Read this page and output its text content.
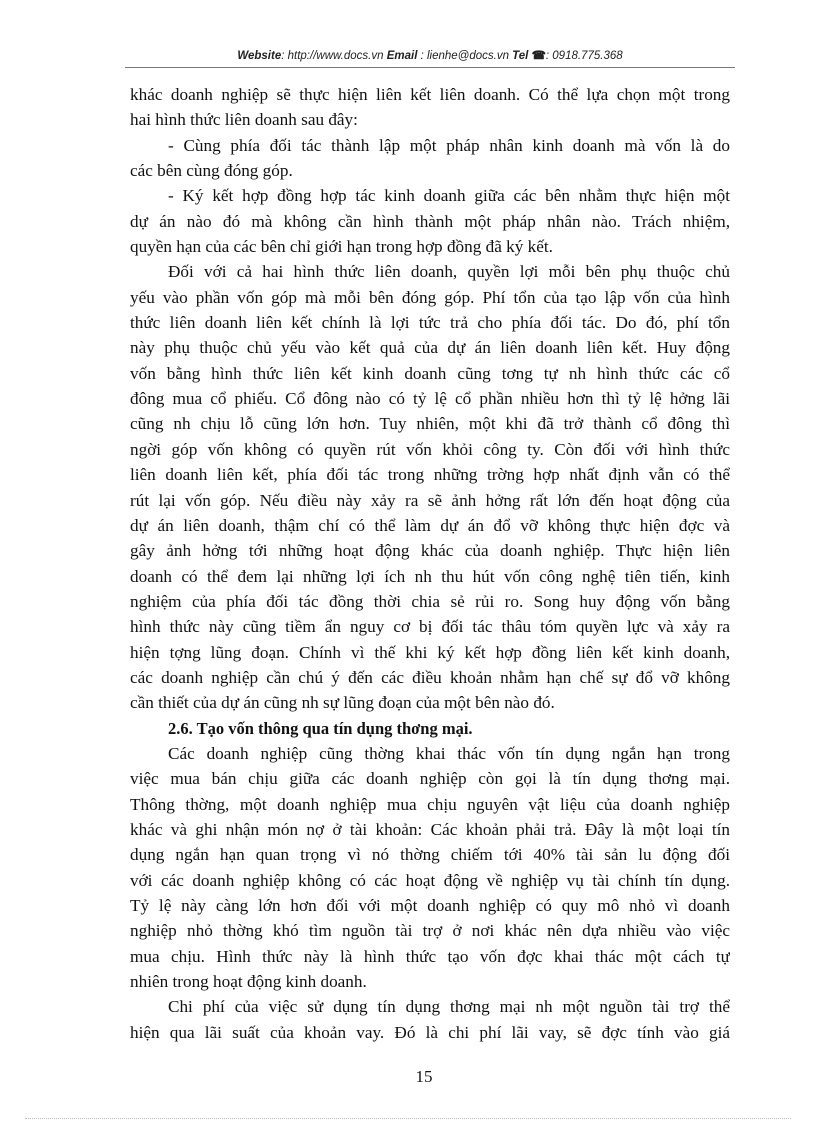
Website: http://www.docs.vn Email : lienhe@docs.vn Tel ☎: 0918.775.368
khác doanh nghiệp sẽ thực hiện liên kết liên doanh. Có thể lựa chọn một trong
hai hình thức liên doanh sau đây:
- Cùng phía đối tác thành lập một pháp nhân kinh doanh mà vốn là do
các bên cùng đóng góp.
- Ký kết hợp đồng hợp tác kinh doanh giữa các bên nhằm thực hiện một
dự án nào đó mà không cần hình thành một pháp nhân nào. Trách nhiệm,
quyền hạn của các bên chỉ giới hạn trong hợp đồng đã ký kết.
Đối với cả hai hình thức liên doanh, quyền lợi mỗi bên phụ thuộc chủ
yếu vào phần vốn góp mà mỗi bên đóng góp. Phí tổn của tạo lập vốn của hình
thức liên doanh liên kết chính là lợi tức trả cho phía đối tác. Do đó, phí tổn
này phụ thuộc chủ yếu vào kết quả của dự án liên doanh liên kết. Huy động
vốn bằng hình thức liên kết kinh doanh cũng tơng tự nh hình thức các cổ
đông mua cổ phiếu. Cổ đông nào có tỷ lệ cổ phần nhiều hơn thì tỷ lệ hởng lãi
cũng nh chịu lỗ cũng lớn hơn. Tuy nhiên, một khi đã trở thành cổ đông thì
ngời góp vốn không có quyền rút vốn khỏi công ty. Còn đối với hình thức
liên doanh liên kết, phía đối tác trong những trờng hợp nhất định vẫn có thể
rút lại vốn góp. Nếu điều này xảy ra sẽ ảnh hởng rất lớn đến hoạt động của
dự án liên doanh, thậm chí có thể làm dự án đổ vỡ không thực hiện đợc và
gây ảnh hởng tới những hoạt động khác của doanh nghiệp. Thực hiện liên
doanh có thể đem lại những lợi ích nh thu hút vốn công nghệ tiên tiến, kinh
nghiệm của phía đối tác đồng thời chia sẻ rủi ro. Song huy động vốn bằng
hình thức này cũng tiềm ẩn nguy cơ bị đối tác thâu tóm quyền lực và xảy ra
hiện tợng lũng đoạn. Chính vì thế khi ký kết hợp đồng liên kết kinh doanh,
các doanh nghiệp cần chú ý đến các điều khoản nhằm hạn chế sự đổ vỡ không
cần thiết của dự án cũng nh sự lũng đoạn của một bên nào đó.
2.6. Tạo vốn thông qua tín dụng thơng mại.
Các doanh nghiệp cũng thờng khai thác vốn tín dụng ngắn hạn trong
việc mua bán chịu giữa các doanh nghiệp còn gọi là tín dụng thơng mại.
Thông thờng, một doanh nghiệp mua chịu nguyên vật liệu của doanh nghiệp
khác và ghi nhận món nợ ở tài khoản: Các khoản phải trả. Đây là một loại tín
dụng ngắn hạn quan trọng vì nó thờng chiếm tới 40% tài sản lu động đối
với các doanh nghiệp không có các hoạt động về nghiệp vụ tài chính tín dụng.
Tỷ lệ này càng lớn hơn đối với một doanh nghiệp có quy mô nhỏ vì doanh
nghiệp nhỏ thờng khó tìm nguồn tài trợ ở nơi khác nên dựa nhiều vào việc
mua chịu. Hình thức này là hình thức tạo vốn đợc khai thác một cách tự
nhiên trong hoạt động kinh doanh.
Chi phí của việc sử dụng tín dụng thơng mại nh một nguồn tài trợ thể
hiện qua lãi suất của khoản vay. Đó là chi phí lãi vay, sẽ đợc tính vào giá
15
